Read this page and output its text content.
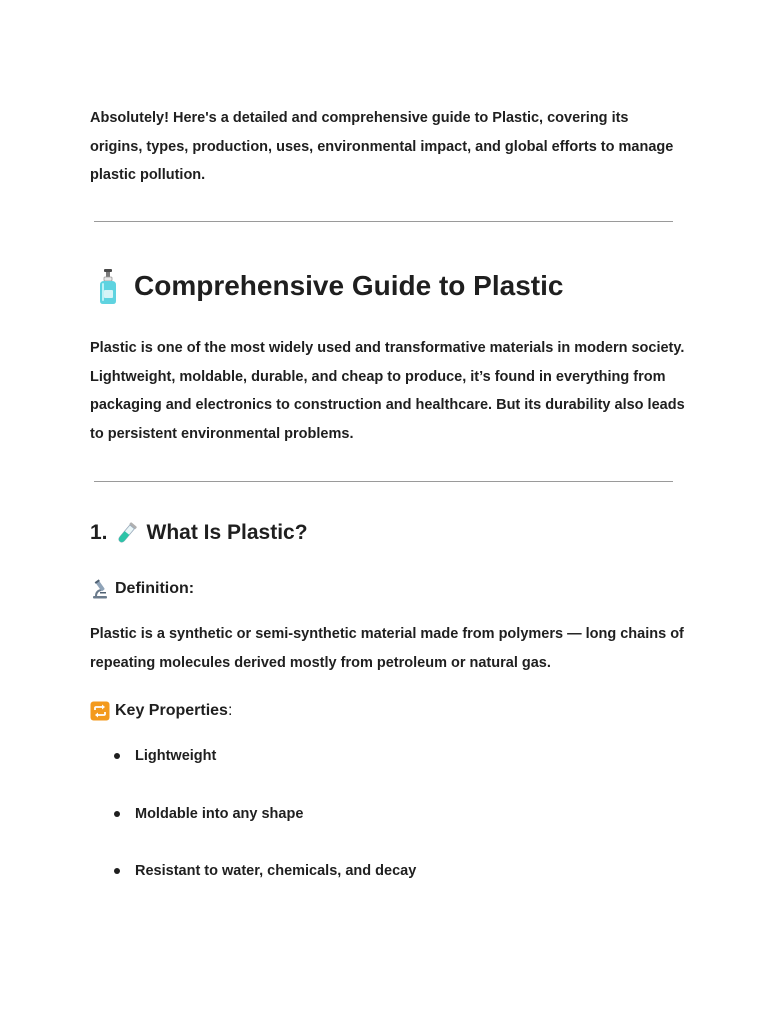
Absolutely! Here's a detailed and comprehensive guide to Plastic, covering its origins, types, production, uses, environmental impact, and global efforts to manage plastic pollution.

Comprehensive Guide to Plastic

Plastic is one of the most widely used and transformative materials in modern society. Lightweight, moldable, durable, and cheap to produce, it’s found in everything from packaging and electronics to construction and healthcare. But its durability also leads to persistent environmental problems.

1. What Is Plastic?
Definition:

Plastic is a synthetic or semi-synthetic material made from polymers — long chains of repeating molecules derived mostly from petroleum or natural gas.

Key Properties :
Lightweight
Moldable into any shape
Resistant to water, chemicals, and decay
